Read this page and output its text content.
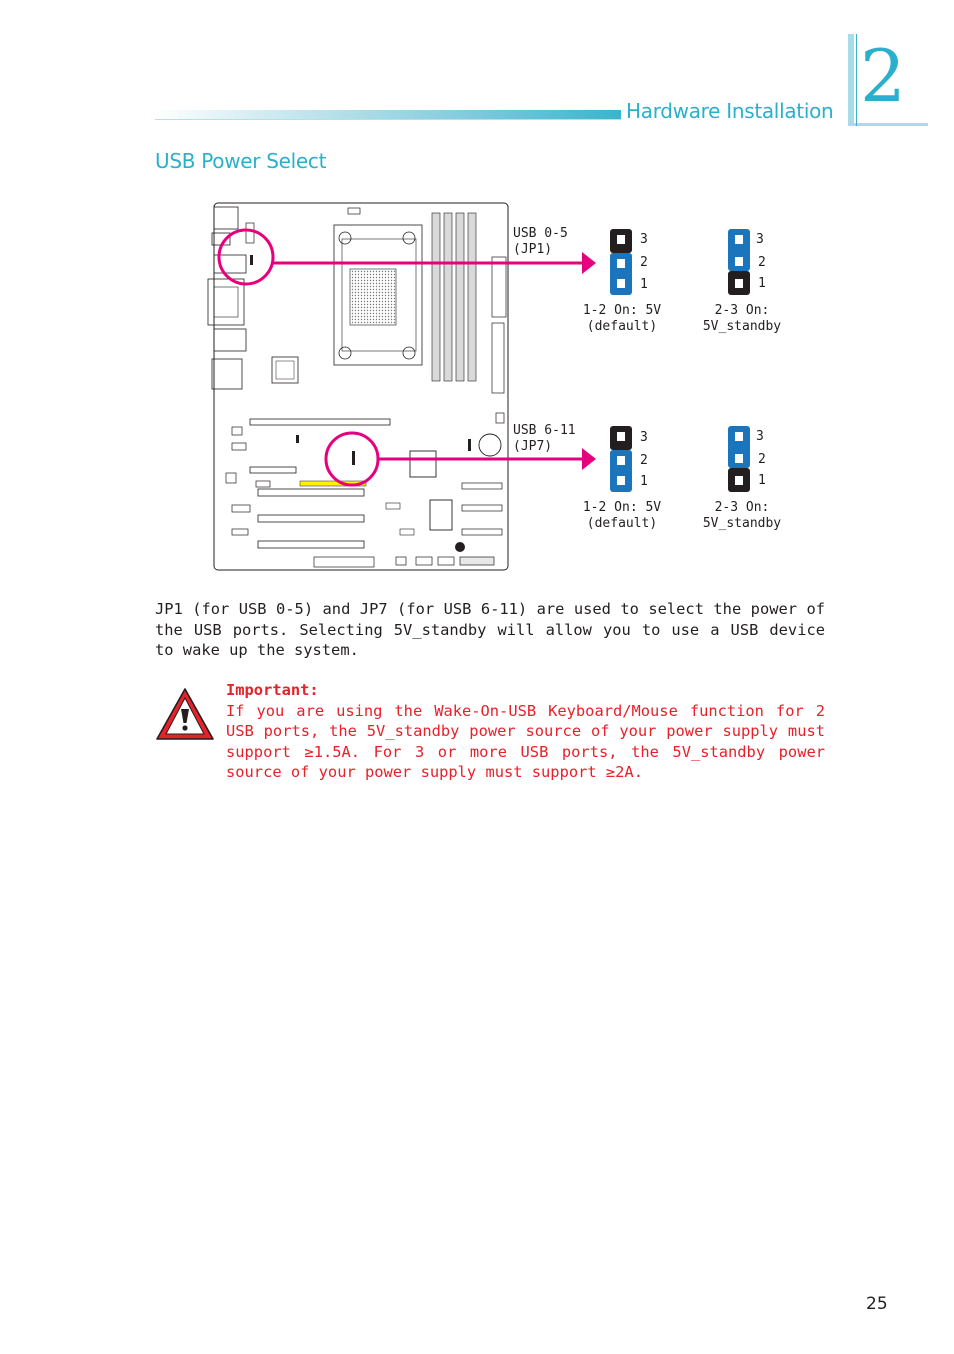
Hardware Installation 2
USB Power Select
USB 0-5
(JP1)
3
2
1
1-2 On: 5V
(default)
3
2
1
2-3 On:
5V_standby
USB 6-11
(JP7)
3
2
1
1-2 On: 5V
(default)
3
2
1
2-3 On:
5V_standby
JP1 (for USB 0-5) and JP7 (for USB 6-11) are used to select the power of the USB ports. Selecting 5V_standby will allow you to use a USB device to wake up the system.
Important:
If you are using the Wake-On-USB Keyboard/Mouse function for 2 USB ports, the 5V_standby power source of your power supply must support ≥1.5A. For 3 or more USB ports, the 5V_standby power source of your power supply must support ≥2A.
25
